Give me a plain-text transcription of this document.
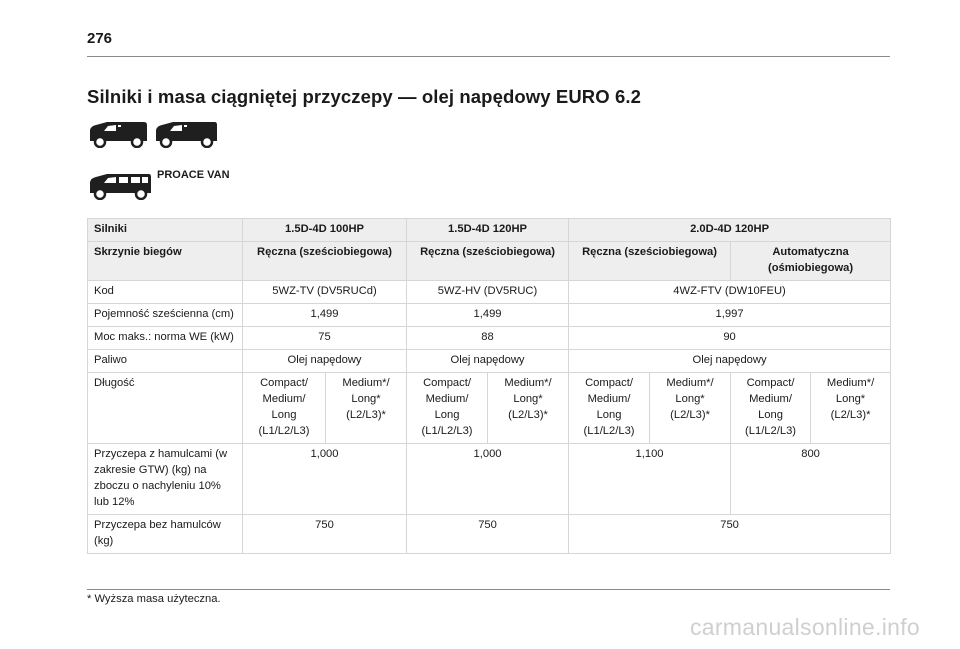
276
Silniki i masa ciągniętej przyczepy — olej napędowy EURO 6.2
PROACE VAN
Silniki	1.5D-4D 100HP		1.5D-4D 120HP		2.0D-4D 120HP			
Skrzynie biegów	Ręczna (sześciobiegowa)		Ręczna (sześciobiegowa)		Ręczna (sześciobiegowa)		Automatyczna (ośmiobiegowa)	
Kod	5WZ-TV (DV5RUCd)		5WZ-HV (DV5RUC)		4WZ-FTV (DW10FEU)			
Pojemność sześcienna (cm)	1,499		1,499		1,997			
Moc maks.: norma WE (kW)	75		88		90			
Paliwo	Olej napędowy		Olej napędowy		Olej napędowy			
Długość	Compact/ Medium/ Long (L1/L2/L3)	Medium*/ Long* (L2/L3)*	Compact/ Medium/ Long (L1/L2/L3)	Medium*/ Long* (L2/L3)*	Compact/ Medium/ Long (L1/L2/L3)	Medium*/ Long* (L2/L3)*	Compact/ Medium/ Long (L1/L2/L3)	Medium*/ Long* (L2/L3)*
Przyczepa z hamulcami (w zakresie GTW) (kg) na zboczu o nachyleniu 10% lub 12%	1,000		1,000		1,100		800	
Przyczepa bez hamulców (kg)	750		750		750			
* Wyższa masa użyteczna.
carmanualsonline.info
